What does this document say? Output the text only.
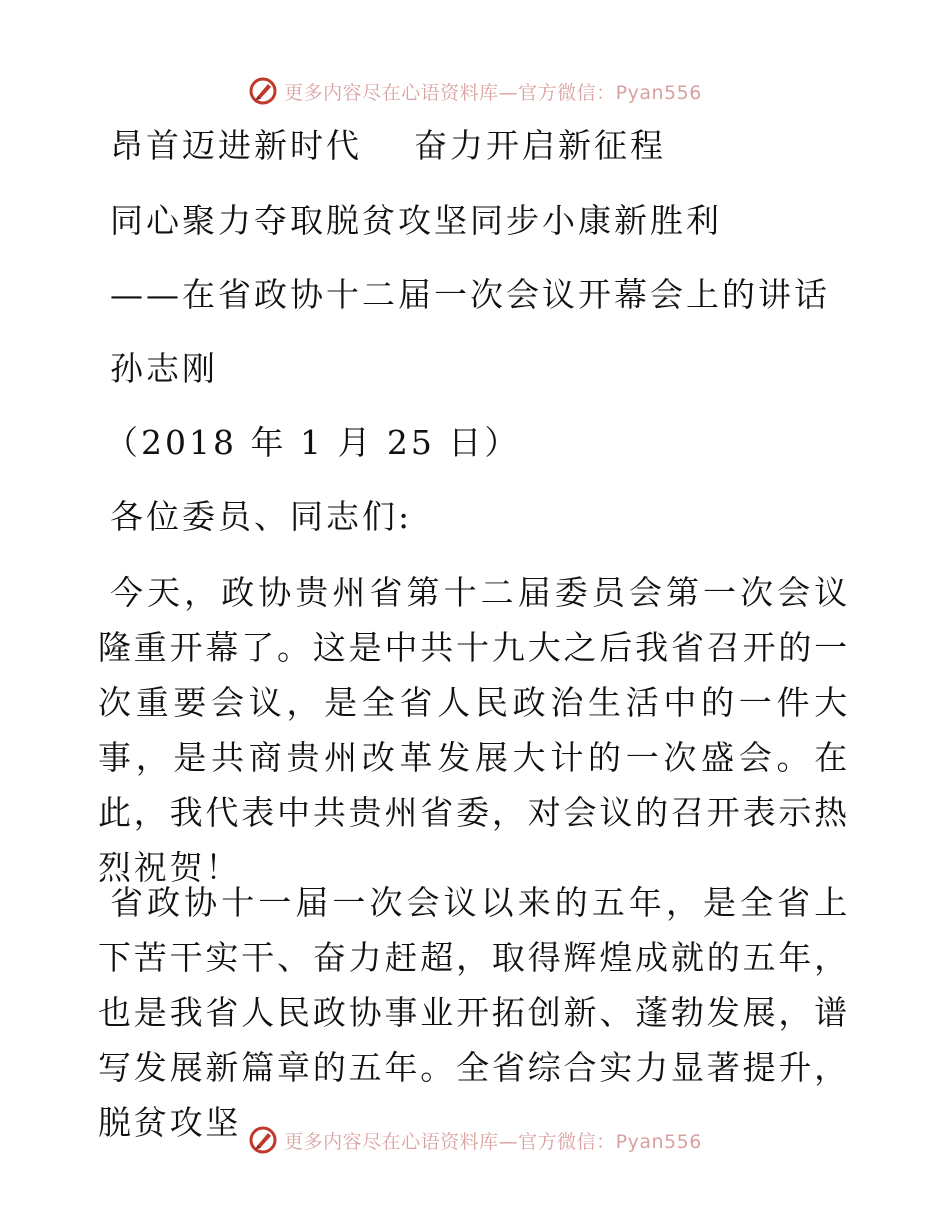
更多内容尽在心语资料库—官方微信：Pyan556
昂首迈进新时代 奋力开启新征程
同心聚力夺取脱贫攻坚同步小康新胜利
——在省政协十二届一次会议开幕会上的讲话
孙志刚
（2018 年 1 月 25 日）
各位委员、同志们:
今天，政协贵州省第十二届委员会第一次会议隆重开幕了。这是中共十九大之后我省召开的一次重要会议，是全省人民政治生活中的一件大事，是共商贵州改革发展大计的一次盛会。在此，我代表中共贵州省委，对会议的召开表示热烈祝贺！
省政协十一届一次会议以来的五年，是全省上下苦干实干、奋力赶超，取得辉煌成就的五年，也是我省人民政协事业开拓创新、蓬勃发展，谱写发展新篇章的五年。全省综合实力显著提升，脱贫攻坚	更多内容尽在心语资料库—官方微信：Pyan556
